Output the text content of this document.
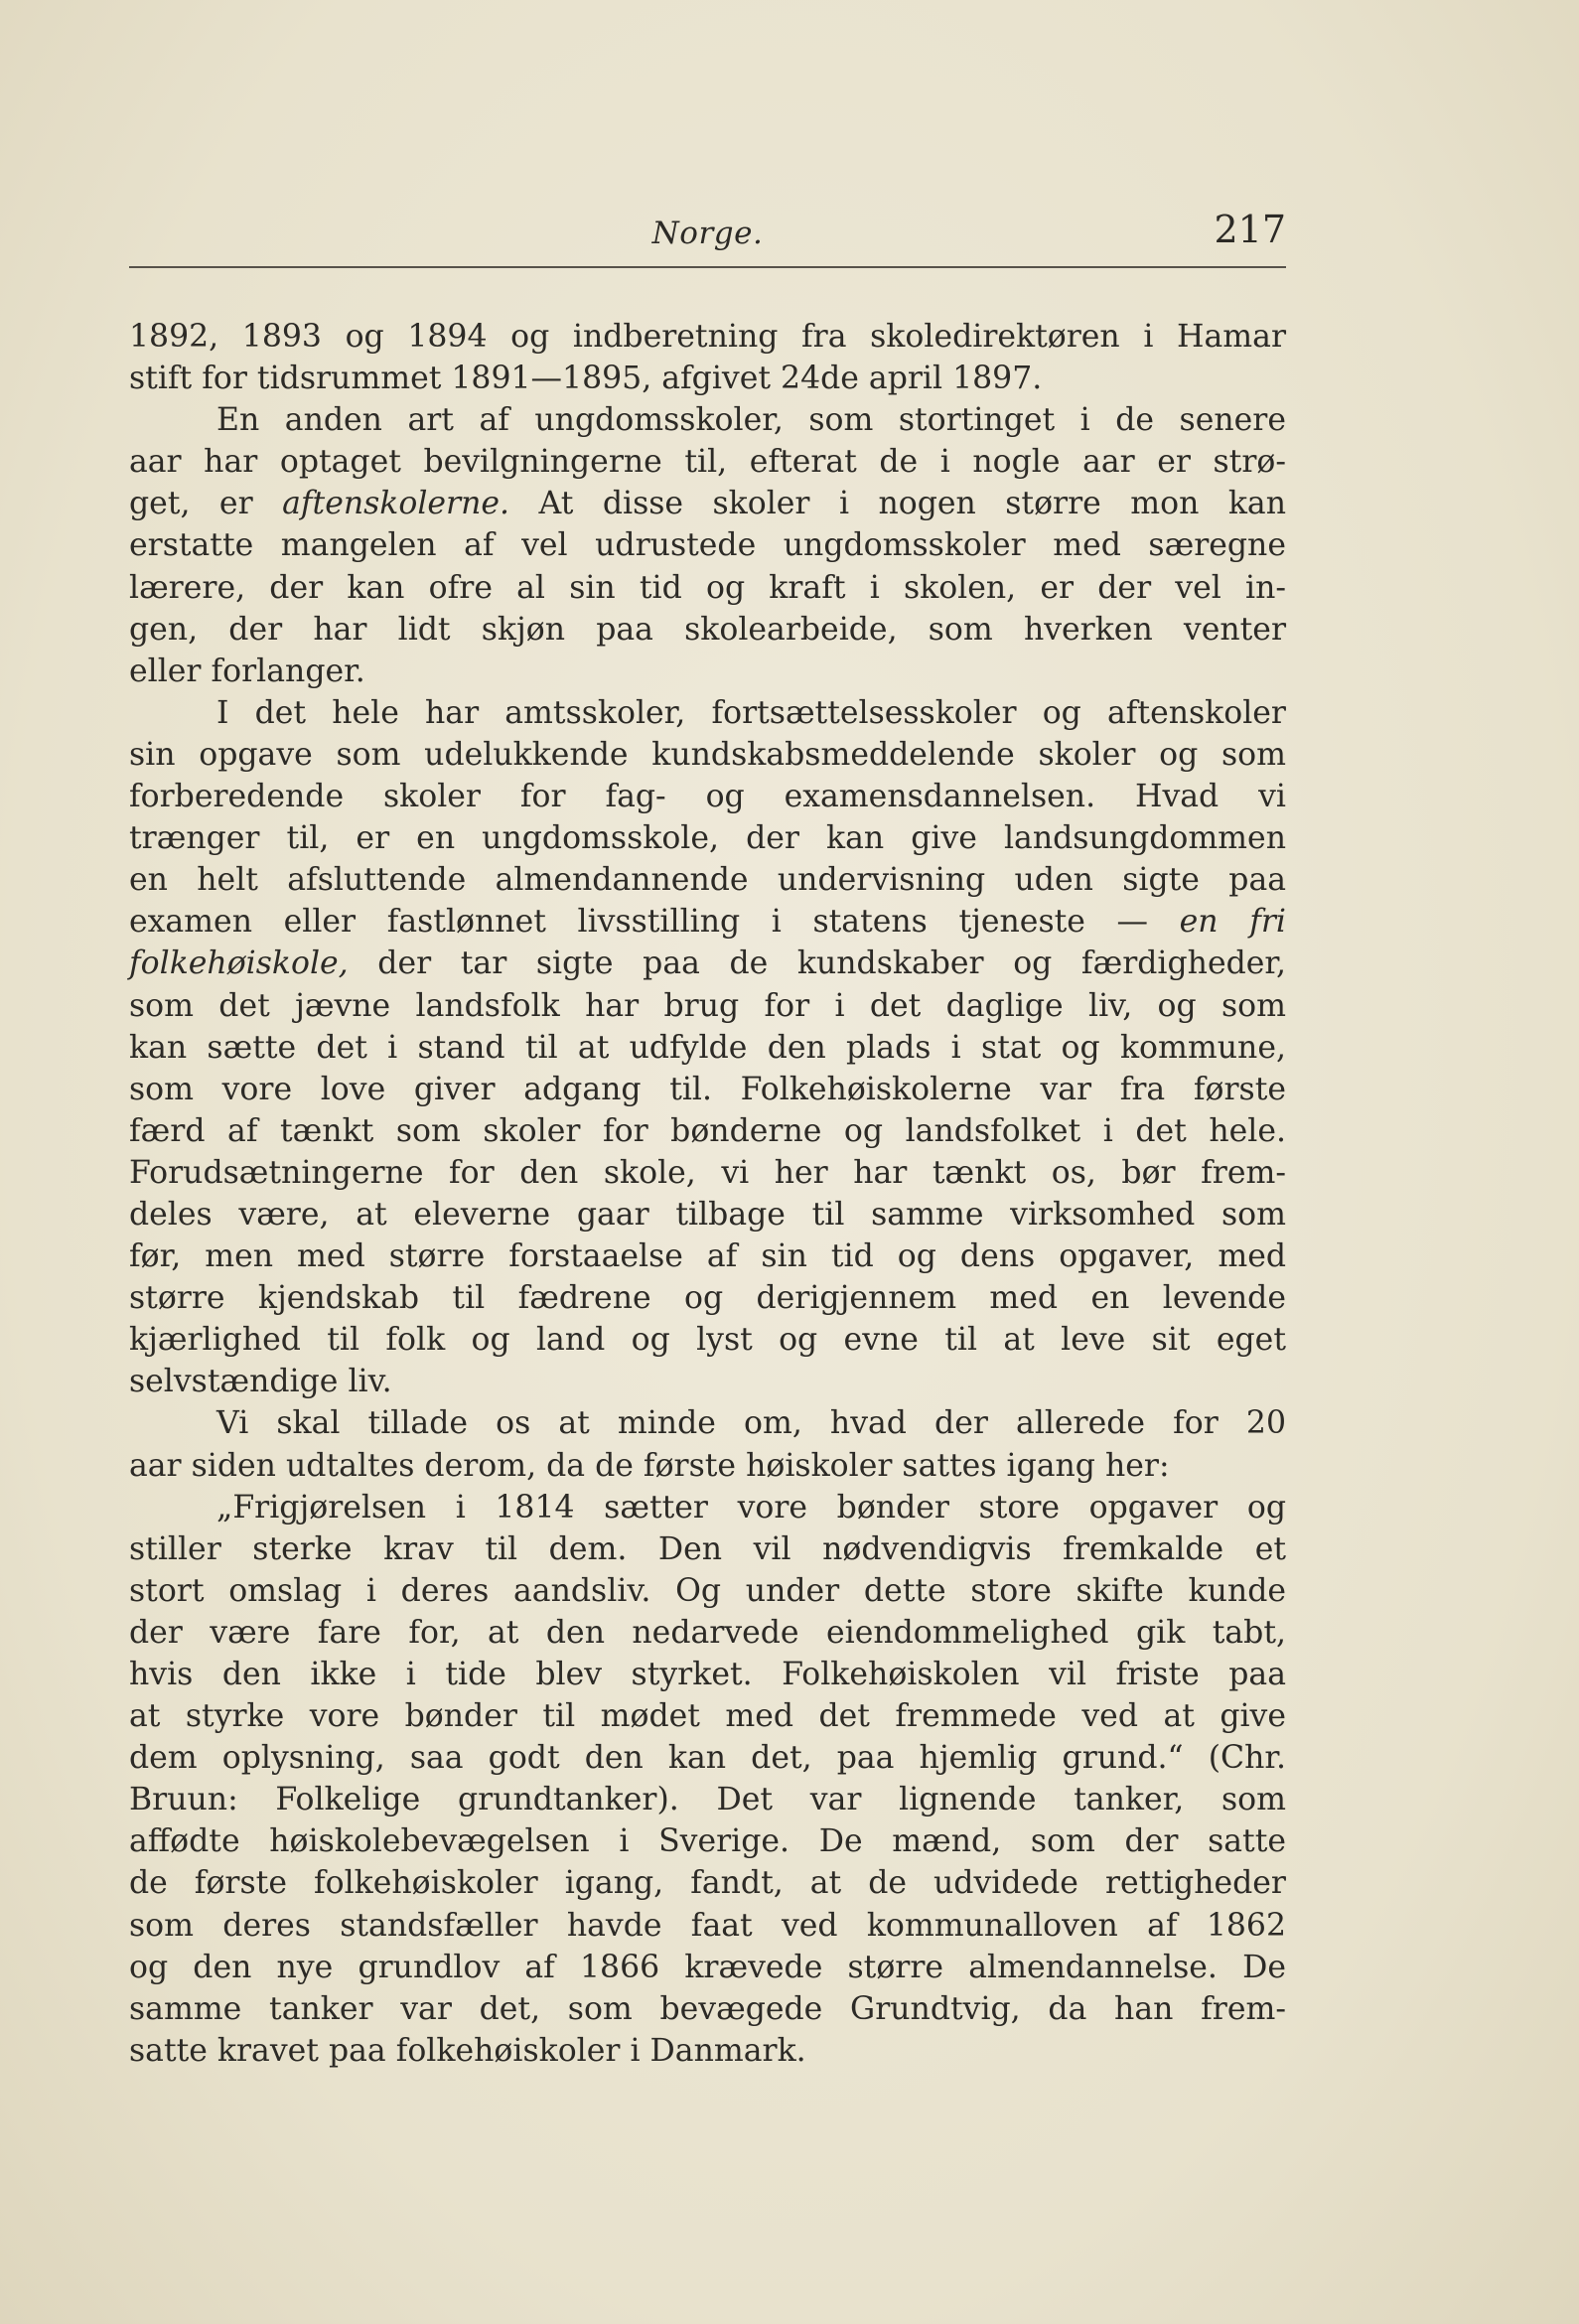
Norge.	217
1892, 1893 og 1894 og indberetning fra skoledirektøren i Hamar
stift for tidsrummet 1891—1895, afgivet 24de april 1897.
En anden art af ungdomsskoler, som stortinget i de senere
aar har optaget bevilgningerne til, efterat de i nogle aar er strø-
get, er aftenskolerne. At disse skoler i nogen større mon kan
erstatte mangelen af vel udrustede ungdomsskoler med særegne
lærere, der kan ofre al sin tid og kraft i skolen, er der vel in-
gen, der har lidt skjøn paa skolearbeide, som hverken venter
eller forlanger.
I det hele har amtsskoler, fortsættelsesskoler og aftenskoler
sin opgave som udelukkende kundskabsmeddelende skoler og som
forberedende skoler for fag- og examensdannelsen. Hvad vi
trænger til, er en ungdomsskole, der kan give landsungdommen
en helt afsluttende almendannende undervisning uden sigte paa
examen eller fastlønnet livsstilling i statens tjeneste — en fri
folkehøiskole, der tar sigte paa de kundskaber og færdigheder,
som det jævne landsfolk har brug for i det daglige liv, og som
kan sætte det i stand til at udfylde den plads i stat og kommune,
som vore love giver adgang til. Folkehøiskolerne var fra første
færd af tænkt som skoler for bønderne og landsfolket i det hele.
Forudsætningerne for den skole, vi her har tænkt os, bør frem-
deles være, at eleverne gaar tilbage til samme virksomhed som
før, men med større forstaaelse af sin tid og dens opgaver, med
større kjendskab til fædrene og derigjennem med en levende
kjærlighed til folk og land og lyst og evne til at leve sit eget
selvstændige liv.
Vi skal tillade os at minde om, hvad der allerede for 20
aar siden udtaltes derom, da de første høiskoler sattes igang her:
„Frigjørelsen i 1814 sætter vore bønder store opgaver og
stiller sterke krav til dem. Den vil nødvendigvis fremkalde et
stort omslag i deres aandsliv. Og under dette store skifte kunde
der være fare for, at den nedarvede eiendommelighed gik tabt,
hvis den ikke i tide blev styrket. Folkehøiskolen vil friste paa
at styrke vore bønder til mødet med det fremmede ved at give
dem oplysning, saa godt den kan det, paa hjemlig grund.“ (Chr.
Bruun: Folkelige grundtanker). Det var lignende tanker, som
affødte høiskolebevægelsen i Sverige. De mænd, som der satte
de første folkehøiskoler igang, fandt, at de udvidede rettigheder
som deres standsfæller havde faat ved kommunalloven af 1862
og den nye grundlov af 1866 krævede større almendannelse. De
samme tanker var det, som bevægede Grundtvig, da han frem-
satte kravet paa folkehøiskoler i Danmark.
